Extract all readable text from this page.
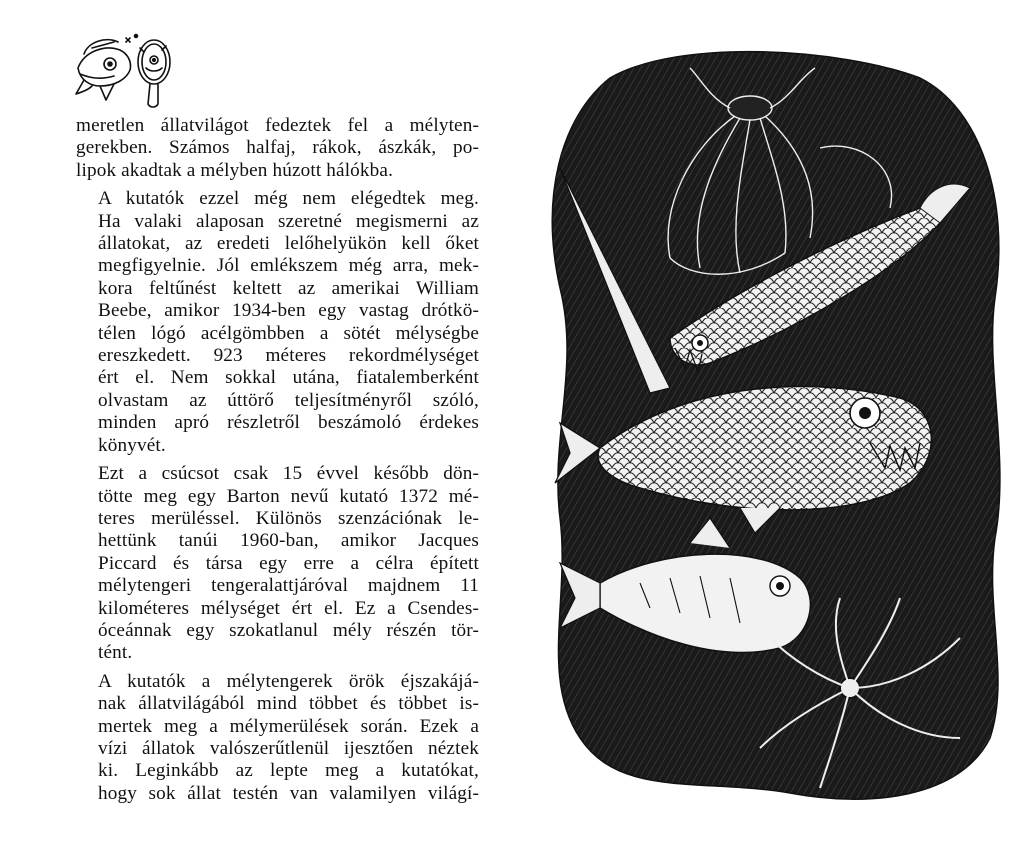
meretlen állatvilágot fedeztek fel a mélyten-
gerekben. Számos halfaj, rákok, ászkák, po-
lipok akadtak a mélyben húzott hálókba.

A kutatók ezzel még nem elégedtek meg.
Ha valaki alaposan szeretné megismerni az
állatokat, az eredeti lelőhelyükön kell őket
megfigyelnie. Jól emlékszem még arra, mek-
kora feltűnést keltett az amerikai William
Beebe, amikor 1934-ben egy vastag drótkö-
télen lógó acélgömbben a sötét mélységbe
ereszkedett. 923 méteres rekordmélységet
ért el. Nem sokkal utána, fiatalemberként
olvastam az úttörő teljesítményről szóló,
minden apró részletről beszámoló érdekes
könyvét.

Ezt a csúcsot csak 15 évvel később dön-
tötte meg egy Barton nevű kutató 1372 mé-
teres merüléssel. Különös szenzációnak le-
hettünk tanúi 1960-ban, amikor Jacques
Piccard és társa egy erre a célra épített
mélytengeri tengeralattjáróval majdnem 11
kilométeres mélységet ért el. Ez a Csendes-
óceánnak egy szokatlanul mély részén tör-
tént.

A kutatók a mélytengerek örök éjszakájá-
nak állatvilágából mind többet és többet is-
mertek meg a mélymerülések során. Ezek a
vízi állatok valószerűtlenül ijesztően néztek
ki. Leginkább az lepte meg a kutatókat,
hogy sok állat testén van valamilyen világí-
